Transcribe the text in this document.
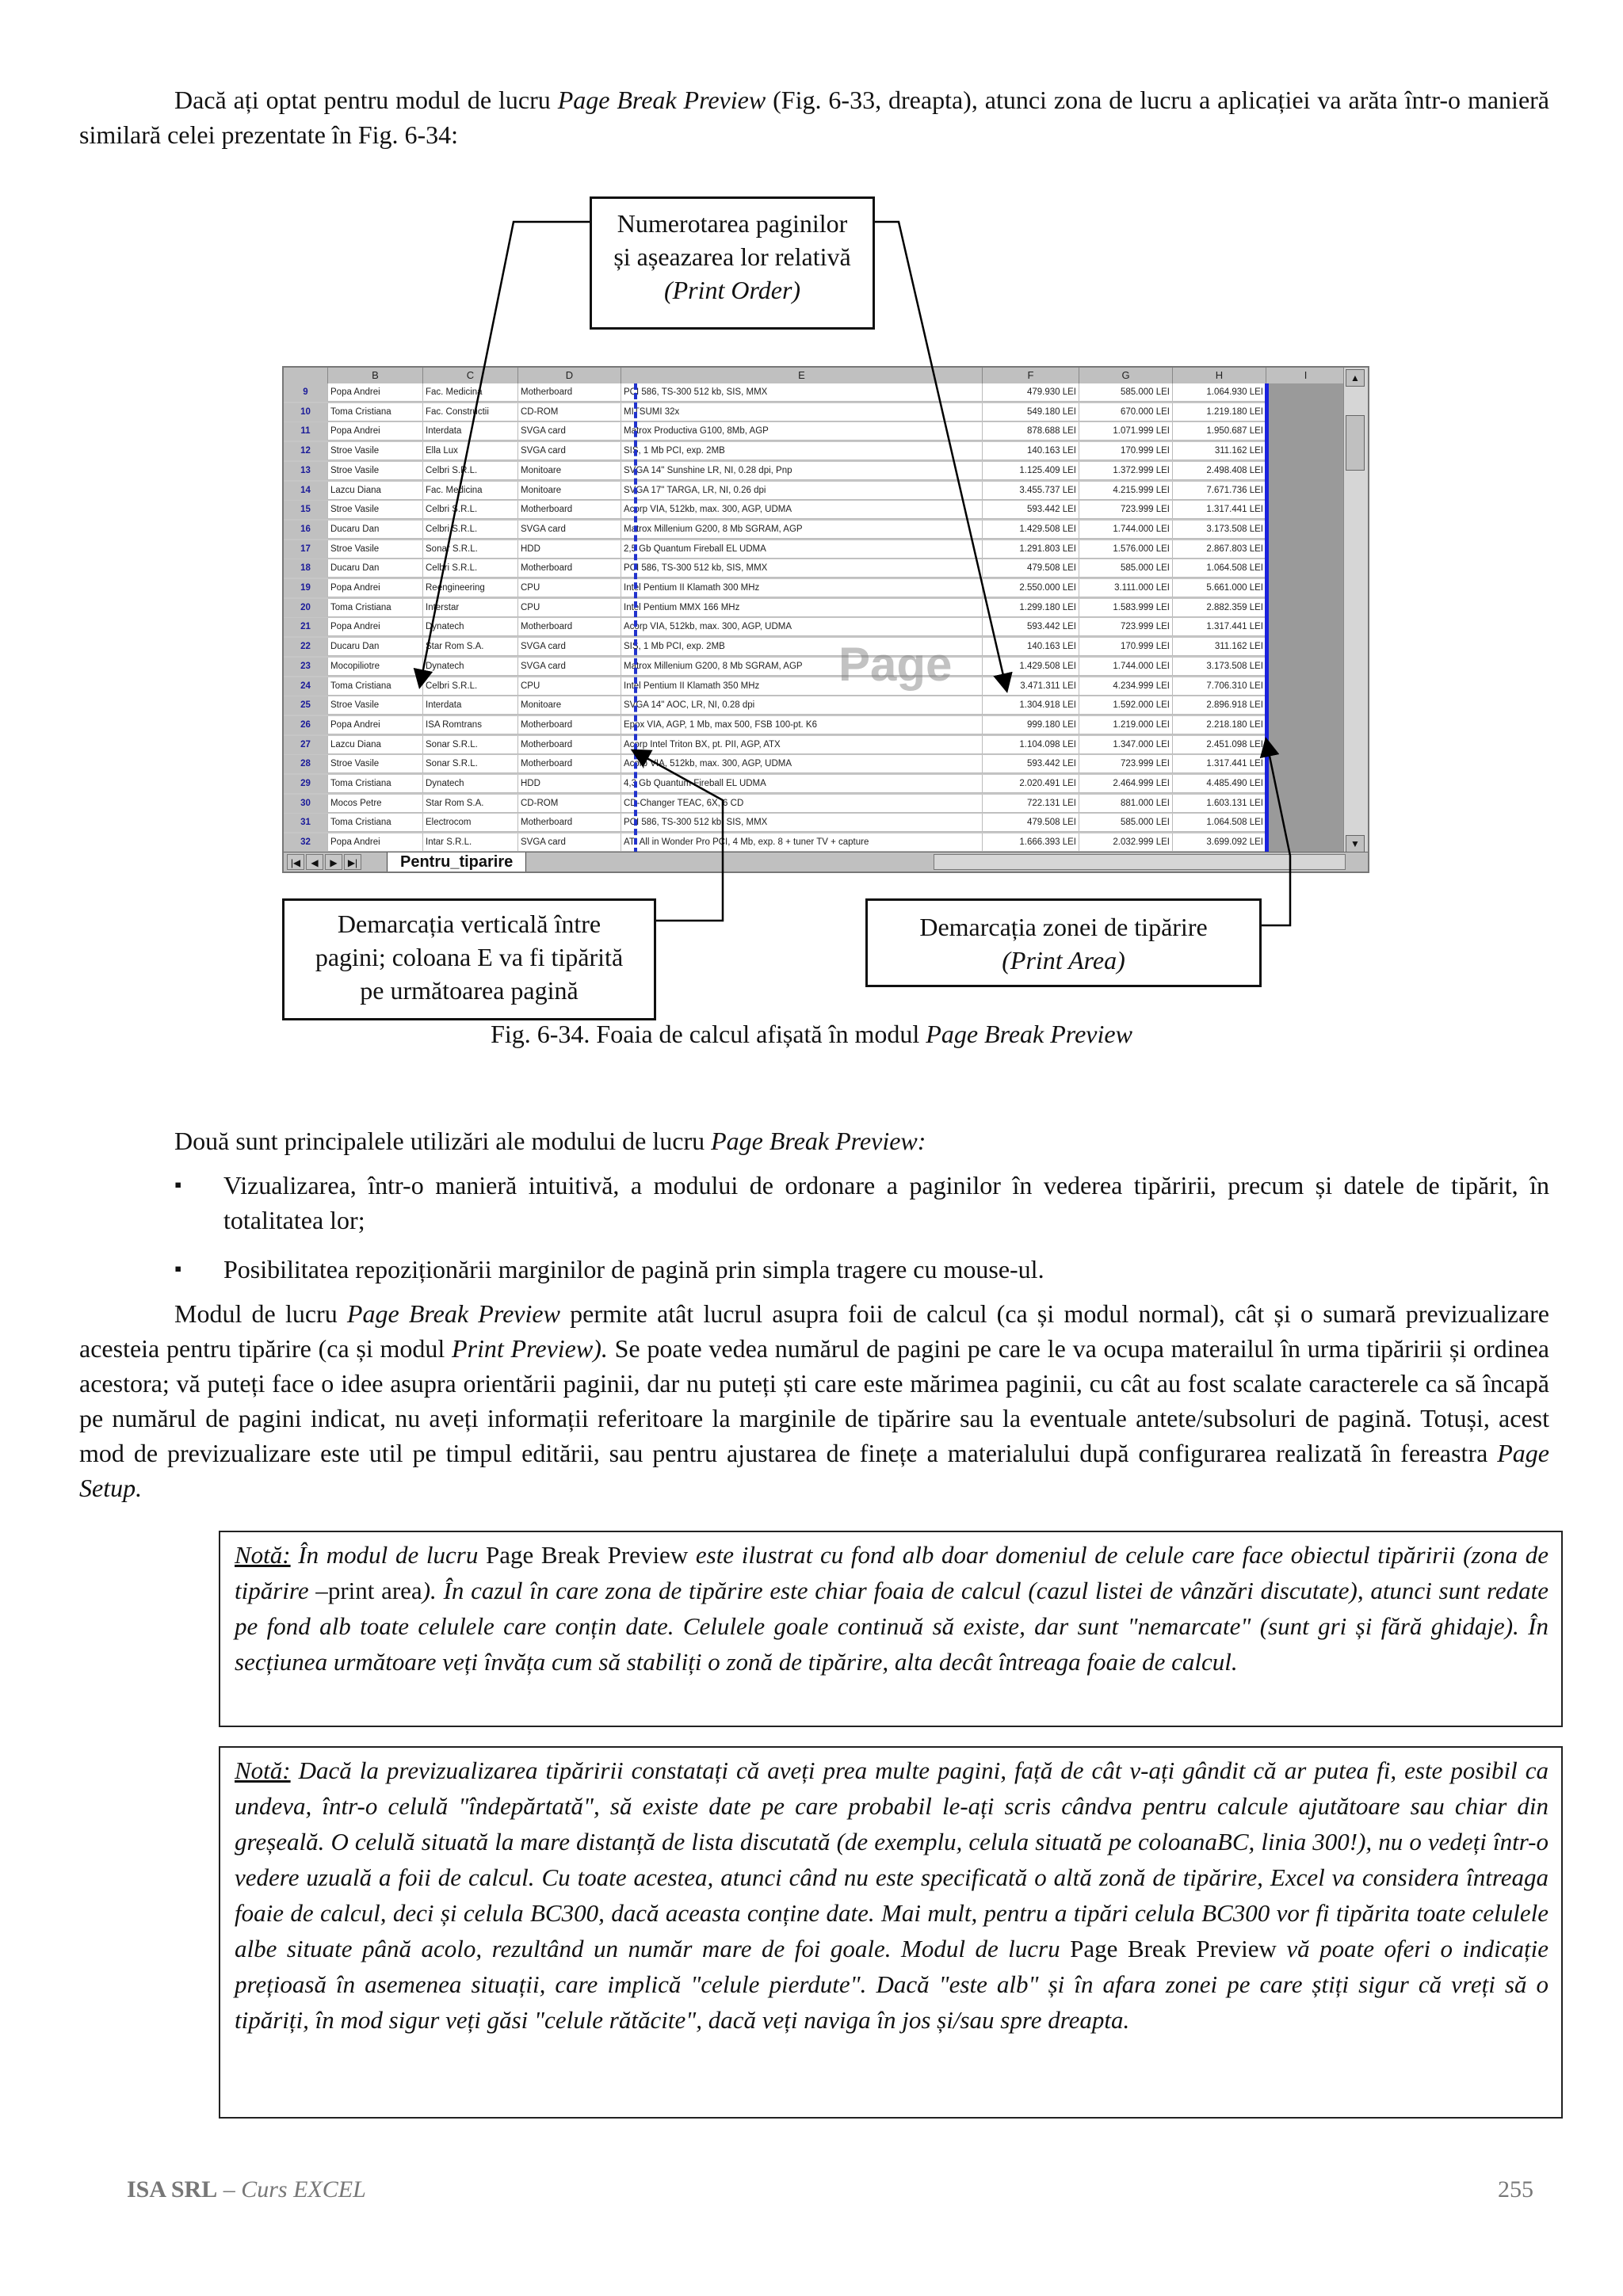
Dacă ați optat pentru modul de lucru Page Break Preview (Fig. 6-33, dreapta), atunci zona de lucru a aplicației va arăta într-o manieră similară celei prezentate în Fig. 6-34:

Numerotarea paginilor
și așeazarea lor relativă
(Print Order)
B	C	D	E	F	G	H	I
9	Popa Andrei	Fac. Medicina	Motherboard	PCI 586, TS-300 512 kb, SIS, MMX	479.930 LEI	585.000 LEI	1.064.930 LEI
10	Toma Cristiana	Fac. Constructii	CD-ROM	MITSUMI 32x	549.180 LEI	670.000 LEI	1.219.180 LEI
11	Popa Andrei	Interdata	SVGA card	Matrox Productiva G100, 8Mb, AGP	878.688 LEI	1.071.999 LEI	1.950.687 LEI
12	Stroe Vasile	Ella Lux	SVGA card	SIS, 1 Mb PCI, exp. 2MB	140.163 LEI	170.999 LEI	311.162 LEI
13	Stroe Vasile	Celbri S.R.L.	Monitoare	SVGA 14" Sunshine LR, NI, 0.28 dpi, Pnp	1.125.409 LEI	1.372.999 LEI	2.498.408 LEI
14	Lazcu Diana	Fac. Medicina	Monitoare	SVGA 17" TARGA, LR, NI, 0.26 dpi	3.455.737 LEI	4.215.999 LEI	7.671.736 LEI
15	Stroe Vasile	Celbri S.R.L.	Motherboard	Acorp VIA, 512kb, max. 300, AGP, UDMA	593.442 LEI	723.999 LEI	1.317.441 LEI
16	Ducaru Dan	Celbri S.R.L.	SVGA card	Matrox Millenium G200, 8 Mb SGRAM, AGP	1.429.508 LEI	1.744.000 LEI	3.173.508 LEI
17	Stroe Vasile	Sonar S.R.L.	HDD	2,5 Gb Quantum Fireball EL UDMA	1.291.803 LEI	1.576.000 LEI	2.867.803 LEI
18	Ducaru Dan	Celbri S.R.L.	Motherboard	PCI 586, TS-300 512 kb, SIS, MMX	479.508 LEI	585.000 LEI	1.064.508 LEI
19	Popa Andrei	Reengineering	CPU	Intel Pentium II Klamath 300 MHz	2.550.000 LEI	3.111.000 LEI	5.661.000 LEI
20	Toma Cristiana	Interstar	CPU	Intel Pentium MMX 166 MHz	1.299.180 LEI	1.583.999 LEI	2.882.359 LEI
21	Popa Andrei	Dynatech	Motherboard	Acorp VIA, 512kb, max. 300, AGP, UDMA	593.442 LEI	723.999 LEI	1.317.441 LEI
22	Ducaru Dan	Star Rom S.A.	SVGA card	SIS, 1 Mb PCI, exp. 2MB	140.163 LEI	170.999 LEI	311.162 LEI
23	Mocopiliotre	Dynatech	SVGA card	Matrox Millenium G200, 8 Mb SGRAM, AGP	1.429.508 LEI	1.744.000 LEI	3.173.508 LEI
24	Toma Cristiana	Celbri S.R.L.	CPU	Intel Pentium II Klamath 350 MHz	3.471.311 LEI	4.234.999 LEI	7.706.310 LEI
25	Stroe Vasile	Interdata	Monitoare	SVGA 14" AOC, LR, NI, 0.28 dpi	1.304.918 LEI	1.592.000 LEI	2.896.918 LEI
26	Popa Andrei	ISA Romtrans	Motherboard	Epox VIA, AGP, 1 Mb, max 500, FSB 100-pt. K6	999.180 LEI	1.219.000 LEI	2.218.180 LEI
27	Lazcu Diana	Sonar S.R.L.	Motherboard	Acorp Intel Triton BX, pt. PII, AGP, ATX	1.104.098 LEI	1.347.000 LEI	2.451.098 LEI
28	Stroe Vasile	Sonar S.R.L.	Motherboard	Acorp VIA, 512kb, max. 300, AGP, UDMA	593.442 LEI	723.999 LEI	1.317.441 LEI
29	Toma Cristiana	Dynatech	HDD	4,3 Gb Quantum Fireball EL UDMA	2.020.491 LEI	2.464.999 LEI	4.485.490 LEI
30	Mocos Petre	Star Rom S.A.	CD-ROM	CD-Changer TEAC, 6X, 6 CD	722.131 LEI	881.000 LEI	1.603.131 LEI
31	Toma Cristiana	Electrocom	Motherboard	PCI 586, TS-300 512 kb, SIS, MMX	479.508 LEI	585.000 LEI	1.064.508 LEI
32	Popa Andrei	Intar S.R.L.	SVGA card	ATI All in Wonder Pro PCI, 4 Mb, exp. 8 + tuner TV + capture	1.666.393 LEI	2.032.999 LEI	3.699.092 LEI
Page
▲
▼
|◀	◀	▶	▶|	Pentru_tiparire
Demarcația verticală între
pagini; coloana E va fi tipărită
pe următoarea pagină
Demarcația zonei de tipărire
(Print Area)
Fig. 6-34. Foaia de calcul afișată în modul Page Break Preview

Două sunt principalele utilizări ale modului de lucru Page Break Preview:

▪ Vizualizarea, într-o manieră intuitivă, a modului de ordonare a paginilor în vederea tipăririi, precum și datele de tipărit, în totalitatea lor;

▪ Posibilitatea repoziționării marginilor de pagină prin simpla tragere cu mouse-ul.

Modul de lucru Page Break Preview permite atât lucrul asupra foii de calcul (ca și modul normal), cât și o sumară previzualizare acesteia pentru tipărire (ca și modul Print Preview). Se poate vedea numărul de pagini pe care le va ocupa materailul în urma tipăririi și ordinea acestora; vă puteți face o idee asupra orientării paginii, dar nu puteți ști care este mărimea paginii, cu cât au fost scalate caracterele ca să încapă pe numărul de pagini indicat, nu aveți informații referitoare la marginile de tipărire sau la eventuale antete/subsoluri de pagină. Totuși, acest mod de previzualizare este util pe timpul editării, sau pentru ajustarea de finețe a materialului după configurarea realizată în fereastra Page Setup.

Notă: În modul de lucru Page Break Preview este ilustrat cu fond alb doar domeniul de celule care face obiectul tipăririi (zona de tipărire –print area). În cazul în care zona de tipărire este chiar foaia de calcul (cazul listei de vânzări discutate), atunci sunt redate pe fond alb toate celulele care conțin date. Celulele goale continuă să existe, dar sunt "nemarcate" (sunt gri și fără ghidaje). În secțiunea următoare veți învăța cum să stabiliți o zonă de tipărire, alta decât întreaga foaie de calcul.
Notă: Dacă la previzualizarea tipăririi constatați că aveți prea multe pagini, față de cât v-ați gândit că ar putea fi, este posibil ca undeva, într-o celulă "îndepărtată", să existe date pe care probabil le-ați scris cândva pentru calcule ajutătoare sau chiar din greșeală. O celulă situată la mare distanță de lista discutată (de exemplu, celula situată pe coloanaBC, linia 300!), nu o vedeți într-o vedere uzuală a foii de calcul. Cu toate acestea, atunci când nu este specificată o altă zonă de tipărire, Excel va considera întreaga foaie de calcul, deci și celula BC300, dacă aceasta conține date. Mai mult, pentru a tipări celula BC300 vor fi tipărita toate celulele albe situate până acolo, rezultând un număr mare de foi goale. Modul de lucru Page Break Preview vă poate oferi o indicație prețioasă în asemenea situații, care implică "celule pierdute". Dacă "este alb" și în afara zonei pe care știți sigur că vreți să o tipăriți, în mod sigur veți găsi "celule rătăcite", dacă veți naviga în jos și/sau spre dreapta.
ISA SRL – Curs EXCEL	255
